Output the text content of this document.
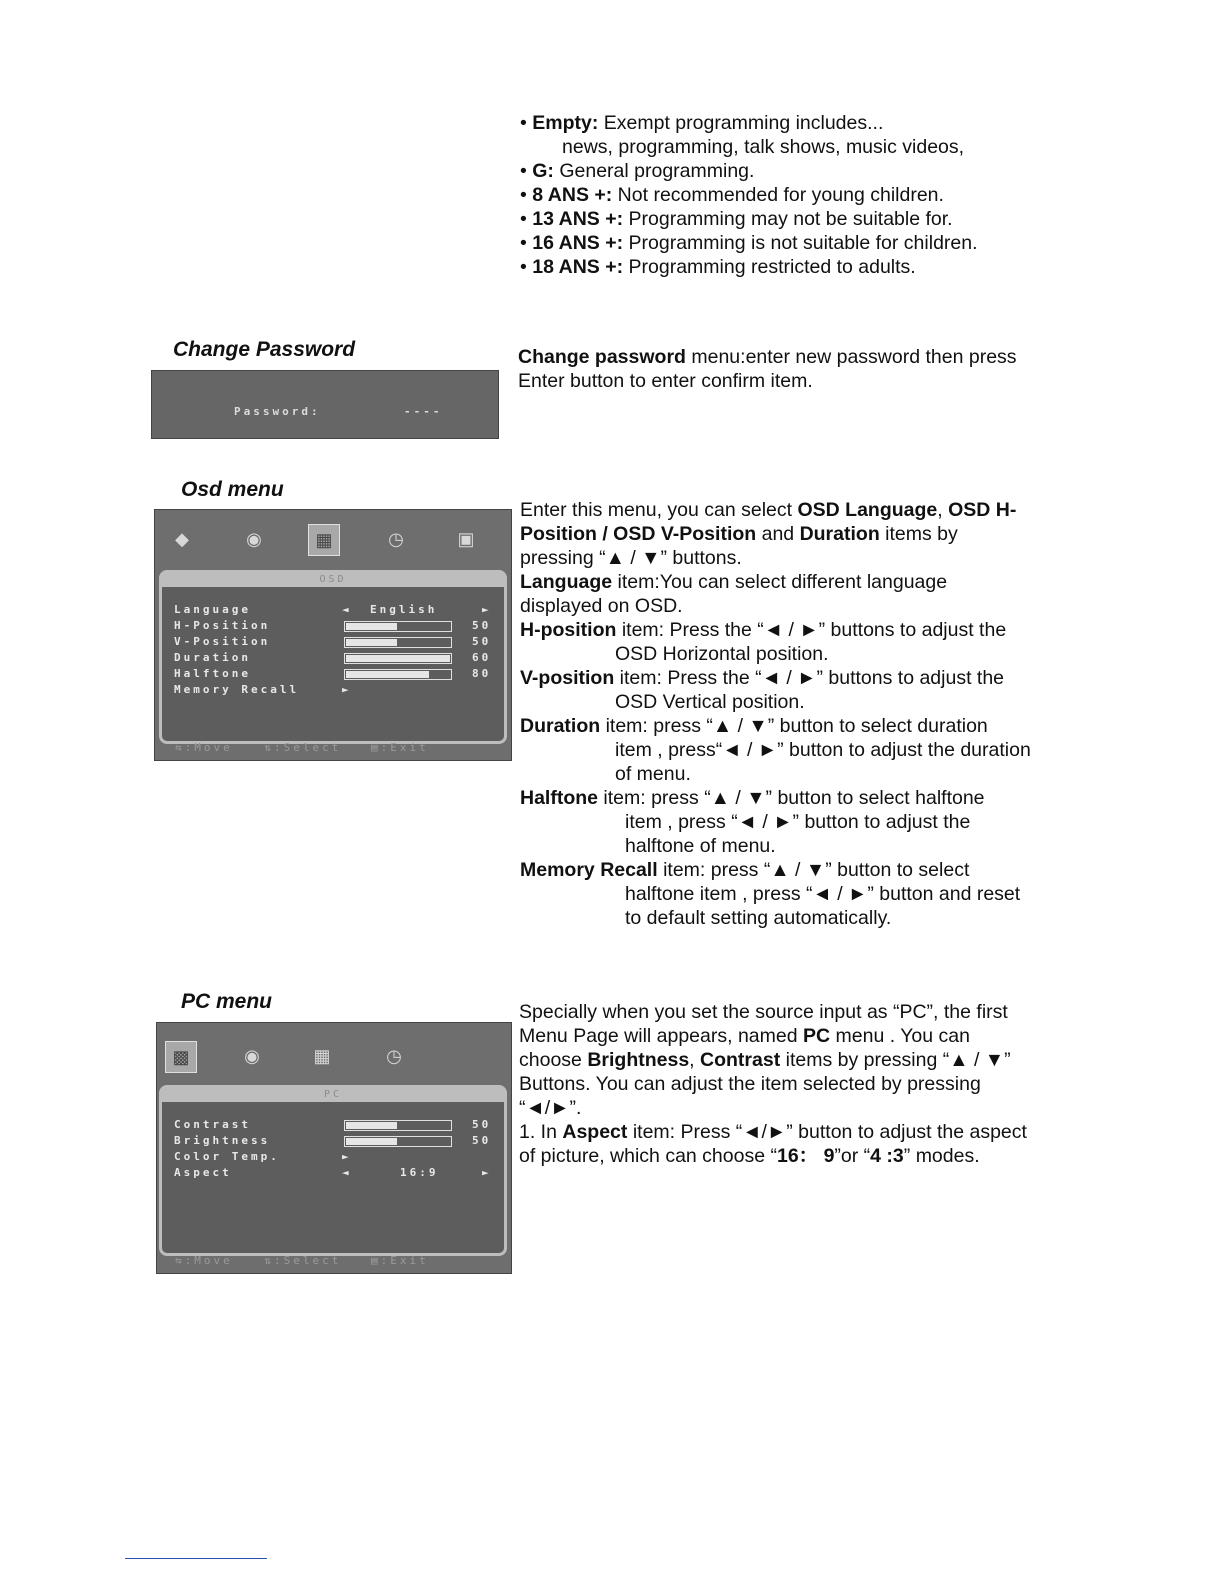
• Empty: Exempt programming includes...
news, programming, talk shows, music videos,
• G: General programming.
• 8 ANS +: Not recommended for young children.
• 13 ANS +: Programming may not be suitable for.
• 16 ANS +: Programming is not suitable for children.
• 18 ANS +: Programming restricted to adults.
Change Password
Password:	----
Change password menu:enter new password then press
Enter button to enter confirm item.
Osd menu
◆	◉	▦	◷	▣
OSD
Language	◄ English	►
H-Position	50
V-Position	50
Duration	60
Halftone	80
Memory Recall	►
⇆:Move	⇅:Select	▤:Exit
Enter this menu, you can select OSD Language, OSD H-
Position / OSD V-Position and Duration items by
pressing “▲ / ▼” buttons.
Language item:You can select different language
displayed on OSD.
H-position item: Press the “◄ / ►” buttons to adjust the
OSD Horizontal position.
V-position item: Press the “◄ / ►” buttons to adjust the
OSD Vertical position.
Duration item: press “▲ / ▼” button to select duration
item , press“◄ / ►” button to adjust the duration
of menu.
Halftone item: press “▲ / ▼” button to select halftone
item , press “◄ / ►” button to adjust the
halftone of menu.
Memory Recall item: press “▲ / ▼” button to select
halftone item , press “◄ / ►” button and reset
to default setting automatically.
PC menu
▩	◉	▦	◷
PC
Contrast	50
Brightness	50
Color Temp.	►
Aspect	◄	16:9	►
⇆:Move	⇅:Select	▤:Exit
Specially when you set the source input as “PC”, the first
Menu Page will appears, named PC menu . You can
choose Brightness, Contrast items by pressing “▲ / ▼”
Buttons. You can adjust the item selected by pressing
“◄/►”.
1. In Aspect item: Press “◄/►” button to adjust the aspect
of picture, which can choose “16： 9”or “4 :3” modes.
